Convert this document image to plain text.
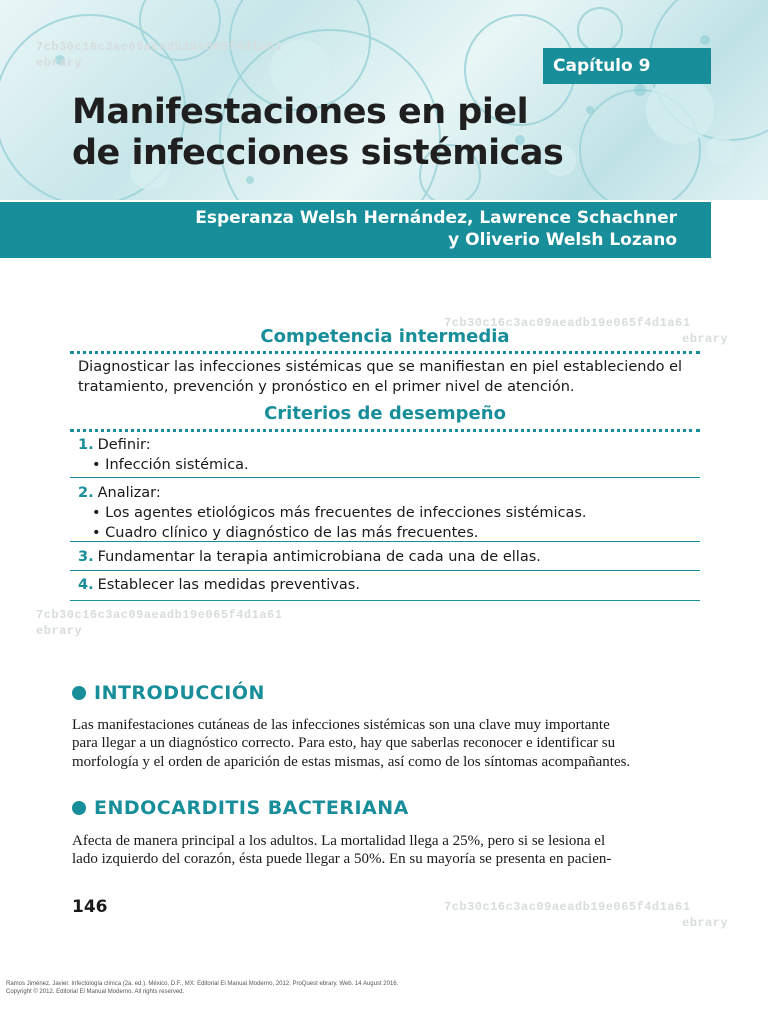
7cb30c16c3ac09aeadb19e065f4d1a61
ebrary	Capítulo 9
Manifestaciones en piel
de infecciones sistémicas
Esperanza Welsh Hernández, Lawrence Schachner
y Oliverio Welsh Lozano
7cb30c16c3ac09aeadb19e065f4d1a61
ebrary
Competencia intermedia
Diagnosticar las infecciones sistémicas que se manifiestan en piel estableciendo el
tratamiento, prevención y pronóstico en el primer nivel de atención.
Criterios de desempeño
1. Definir:
• Infección sistémica.
2. Analizar:
• Los agentes etiológicos más frecuentes de infecciones sistémicas.
• Cuadro clínico y diagnóstico de las más frecuentes.
3. Fundamentar la terapia antimicrobiana de cada una de ellas.
4. Establecer las medidas preventivas.
7cb30c16c3ac09aeadb19e065f4d1a61
ebrary
INTRODUCCIÓN
Las manifestaciones cutáneas de las infecciones sistémicas son una clave muy importante
para llegar a un diagnóstico correcto. Para esto, hay que saberlas reconocer e identificar su
morfología y el orden de aparición de estas mismas, así como de los síntomas acompañantes.
ENDOCARDITIS BACTERIANA
Afecta de manera principal a los adultos. La mortalidad llega a 25%, pero si se lesiona el
lado izquierdo del corazón, ésta puede llegar a 50%. En su mayoría se presenta en pacien-
146	7cb30c16c3ac09aeadb19e065f4d1a61
ebrary
Ramos Jiménez, Javier. Infectología clínica (2a. ed.). México, D.F., MX: Editorial El Manual Moderno, 2012. ProQuest ebrary. Web. 14 August 2016.
Copyright © 2012. Editorial El Manual Moderno. All rights reserved.
